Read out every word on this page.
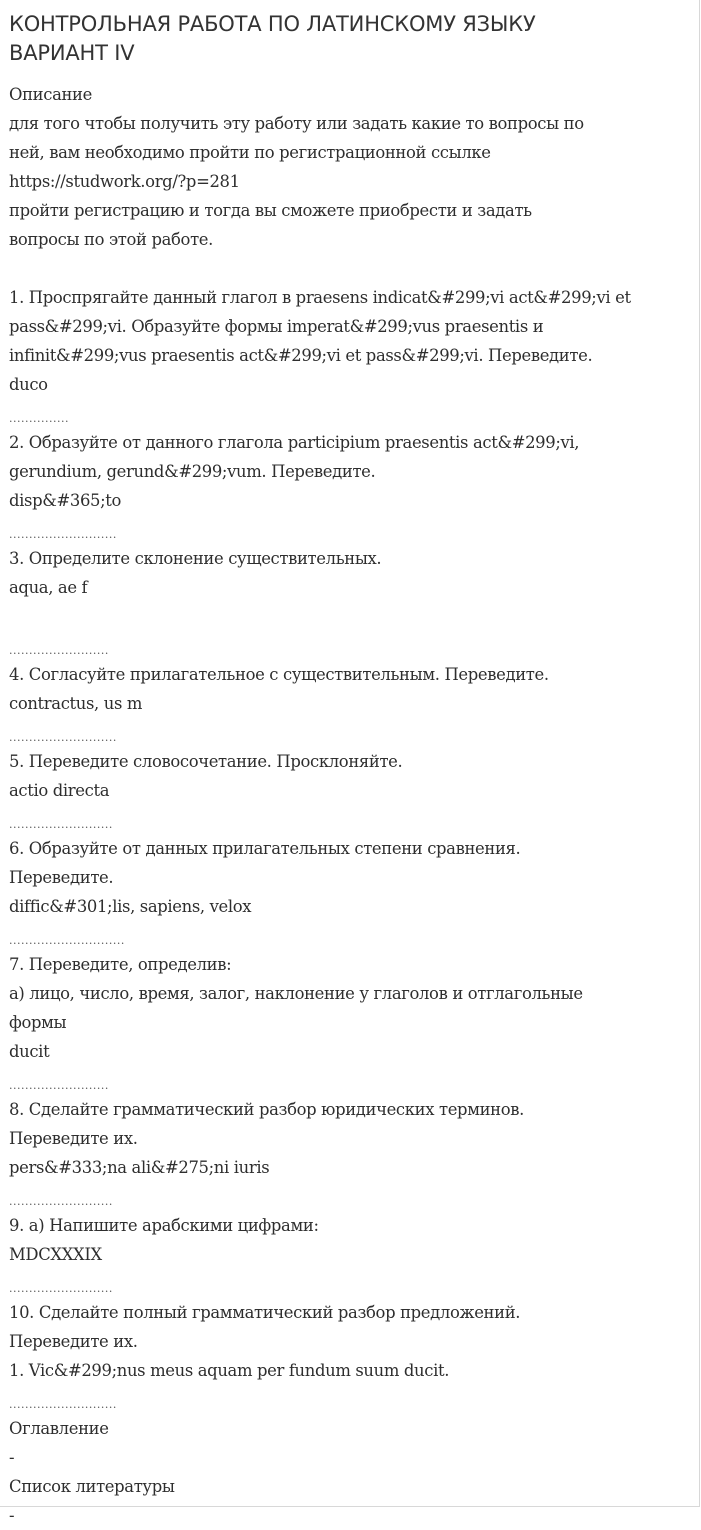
КОНТРОЛЬНАЯ РАБОТА ПО ЛАТИНСКОМУ ЯЗЫКУ
ВАРИАНТ IV
Описание
для того чтобы получить эту работу или задать какие то вопросы по
ней, вам необходимо пройти по регистрационной ссылке
https://studwork.org/?p=281
пройти регистрацию и тогда вы сможете приобрести и задать
вопросы по этой работе.
1. Проспрягайте данный глагол в praesens indicat&#299;vi act&#299;vi et
pass&#299;vi. Образуйте формы imperat&#299;vus praesentis и
infinit&#299;vus praesentis act&#299;vi et pass&#299;vi. Переведите.
duco
...............
2. Образуйте от данного глагола participium praesentis act&#299;vi,
gerundium, gerund&#299;vum. Переведите.
disp&#365;to
...........................
3. Определите склонение существительных.
aqua, ae f
.........................
4. Согласуйте прилагательное с существительным. Переведите.
contractus, us m
...........................
5. Переведите словосочетание. Просклоняйте.
actio directa
..........................
6. Образуйте от данных прилагательных степени сравнения.
Переведите.
diffic&#301;lis, sapiens, velox
.............................
7. Переведите, определив:
а) лицо, число, время, залог, наклонение у глаголов и отглагольные
формы
ducit
.........................
8. Сделайте грамматический разбор юридических терминов.
Переведите их.
pers&#333;na ali&#275;ni iuris
..........................
9. а) Напишите арабскими цифрами:
MDCXXXIX
..........................
10. Сделайте полный грамматический разбор предложений.
Переведите их.
1. Vic&#299;nus meus aquam per fundum suum ducit.
...........................
Оглавление
-
Список литературы
-
